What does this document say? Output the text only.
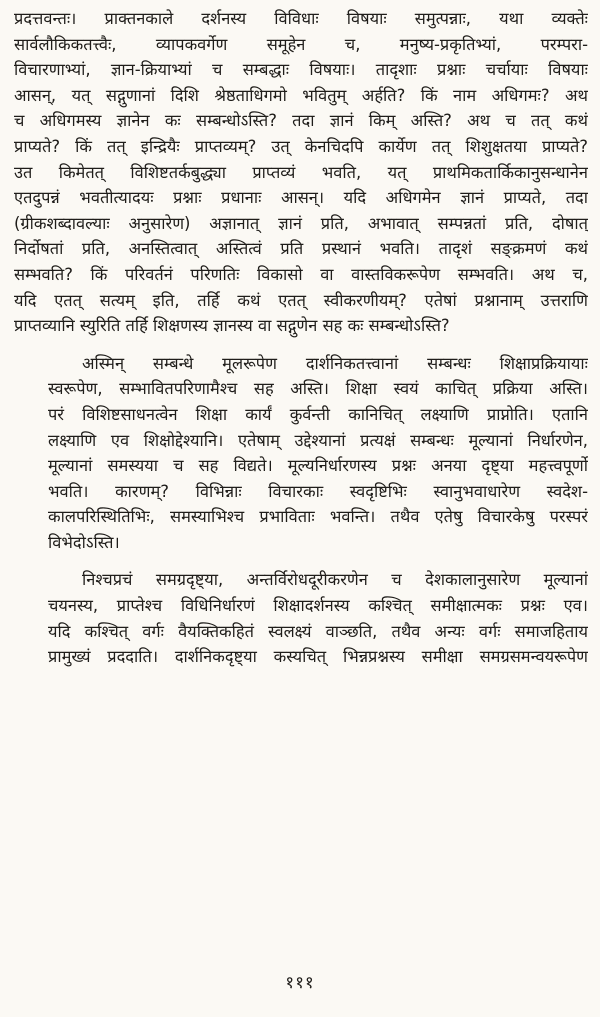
प्रदत्तवन्तः। प्राक्तनकाले दर्शनस्य विविधाः विषयाः समुत्पन्नाः, यथा व्यक्तेः
सार्वलौकिकतत्त्वैः, व्यापकवर्गेण समूहेन च, मनुष्य-प्रकृतिभ्यां, परम्परा-
विचारणाभ्यां, ज्ञान-क्रियाभ्यां च सम्बद्धाः विषयाः। तादृशाः प्रश्नाः चर्चायाः विषयाः
आसन्, यत् सद्गुणानां दिशि श्रेष्ठताधिगमो भवितुम् अर्हति? किं नाम अधिगमः? अथ
च अधिगमस्य ज्ञानेन कः सम्बन्धोऽस्ति? तदा ज्ञानं किम् अस्ति? अथ च तत् कथं
प्राप्यते? किं तत् इन्द्रियैः प्राप्तव्यम्? उत् केनचिदपि कार्येण तत् शिशुक्षतया प्राप्यते?
उत किमेतत् विशिष्टतर्कबुद्ध्या प्राप्तव्यं भवति, यत् प्राथमिकतार्किकानुसन्धानेन
एतदुपन्नं भवतीत्यादयः प्रश्नाः प्रधानाः आसन्। यदि अधिगमेन ज्ञानं प्राप्यते, तदा
(ग्रीकशब्दावल्याः अनुसारेण) अज्ञानात् ज्ञानं प्रति, अभावात् सम्पन्नतां प्रति, दोषात्
निर्दोषतां प्रति, अनस्तित्वात् अस्तित्वं प्रति प्रस्थानं भवति। तादृशं सङ्क्रमणं कथं
सम्भवति? किं परिवर्तनं परिणतिः विकासो वा वास्तविकरूपेण सम्भवति। अथ च,
यदि एतत् सत्यम् इति, तर्हि कथं एतत् स्वीकरणीयम्? एतेषां प्रश्नानाम् उत्तराणि
प्राप्तव्यानि स्युरिति तर्हि शिक्षणस्य ज्ञानस्य वा सद्गुणेन सह कः सम्बन्धोऽस्ति?
अस्मिन् सम्बन्धे मूलरूपेण दार्शनिकतत्त्वानां सम्बन्धः शिक्षाप्रक्रियायाः
स्वरूपेण, सम्भावितपरिणामैश्च सह अस्ति। शिक्षा स्वयं काचित् प्रक्रिया अस्ति।
परं विशिष्टसाधनत्वेन शिक्षा कार्यं कुर्वन्ती कानिचित् लक्ष्याणि प्राप्नोति। एतानि
लक्ष्याणि एव शिक्षोद्देश्यानि। एतेषाम् उद्देश्यानां प्रत्यक्षं सम्बन्धः मूल्यानां निर्धारणेन,
मूल्यानां समस्यया च सह विद्यते। मूल्यनिर्धारणस्य प्रश्नः अनया दृष्ट्या महत्त्वपूर्णो
भवति। कारणम्? विभिन्नाः विचारकाः स्वदृष्टिभिः स्वानुभवाधारेण स्वदेश-
कालपरिस्थितिभिः, समस्याभिश्च प्रभाविताः भवन्ति। तथैव एतेषु विचारकेषु परस्परं
विभेदोऽस्ति।
निश्चप्रचं समग्रदृष्ट्या, अन्तर्विरोधदूरीकरणेन च देशकालानुसारेण मूल्यानां
चयनस्य, प्राप्तेश्च विधिनिर्धारणं शिक्षादर्शनस्य कश्चित् समीक्षात्मकः प्रश्नः एव।
यदि कश्चित् वर्गः वैयक्तिकहितं स्वलक्ष्यं वाञ्छति, तथैव अन्यः वर्गः समाजहिताय
प्रामुख्यं प्रददाति। दार्शनिकदृष्ट्या कस्यचित् भिन्नप्रश्नस्य समीक्षा समग्रसमन्वयरूपेण
१११
